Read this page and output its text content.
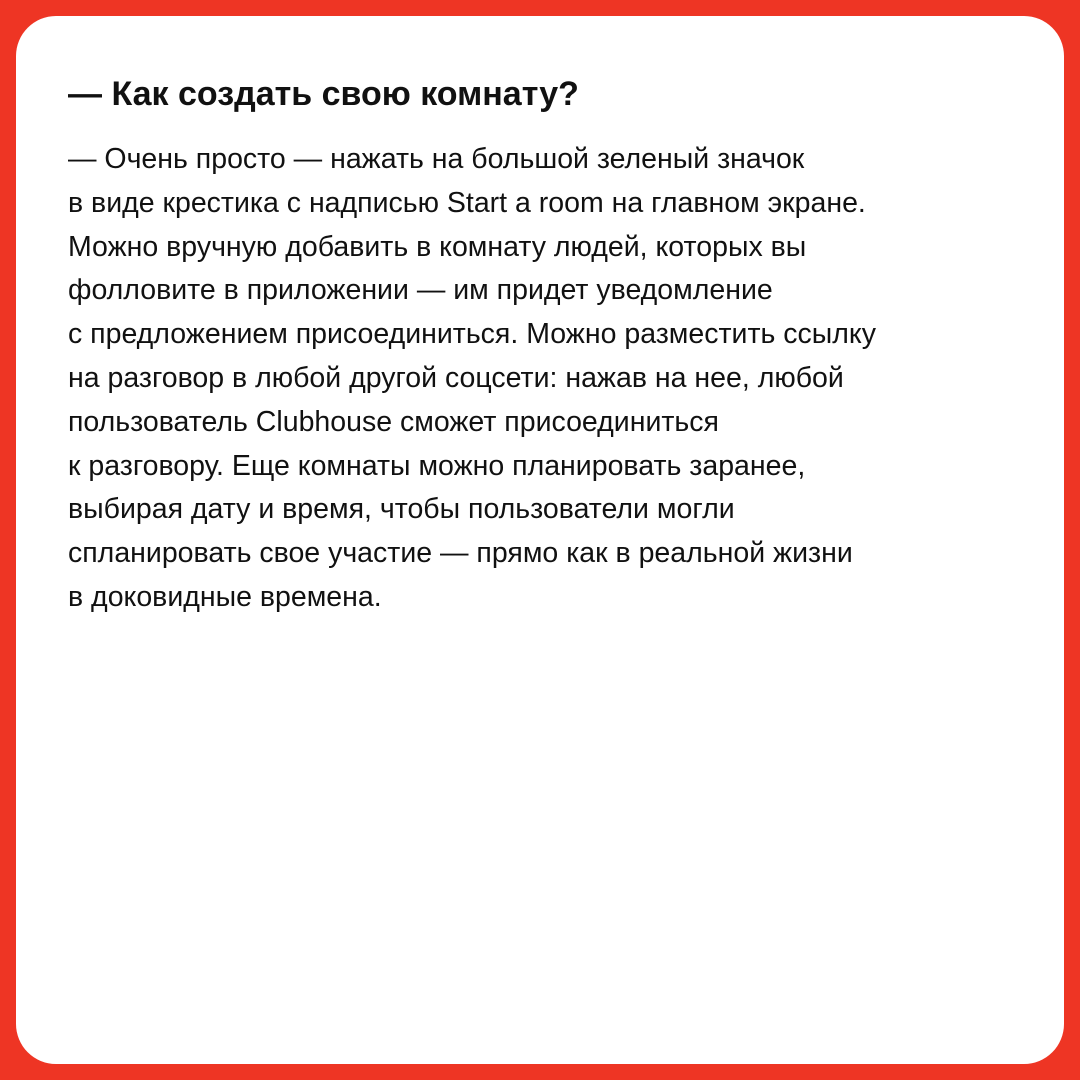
— Как создать свою комнату?

— Очень просто — нажать на большой зеленый значок
в виде крестика с надписью Start a room на главном экране.
Можно вручную добавить в комнату людей, которых вы
фолловите в приложении — им придет уведомление
с предложением присоединиться. Можно разместить ссылку
на разговор в любой другой соцсети: нажав на нее, любой
пользователь Clubhouse сможет присоединиться
к разговору. Еще комнаты можно планировать заранее,
выбирая дату и время, чтобы пользователи могли
спланировать свое участие — прямо как в реальной жизни
в доковидные времена.
